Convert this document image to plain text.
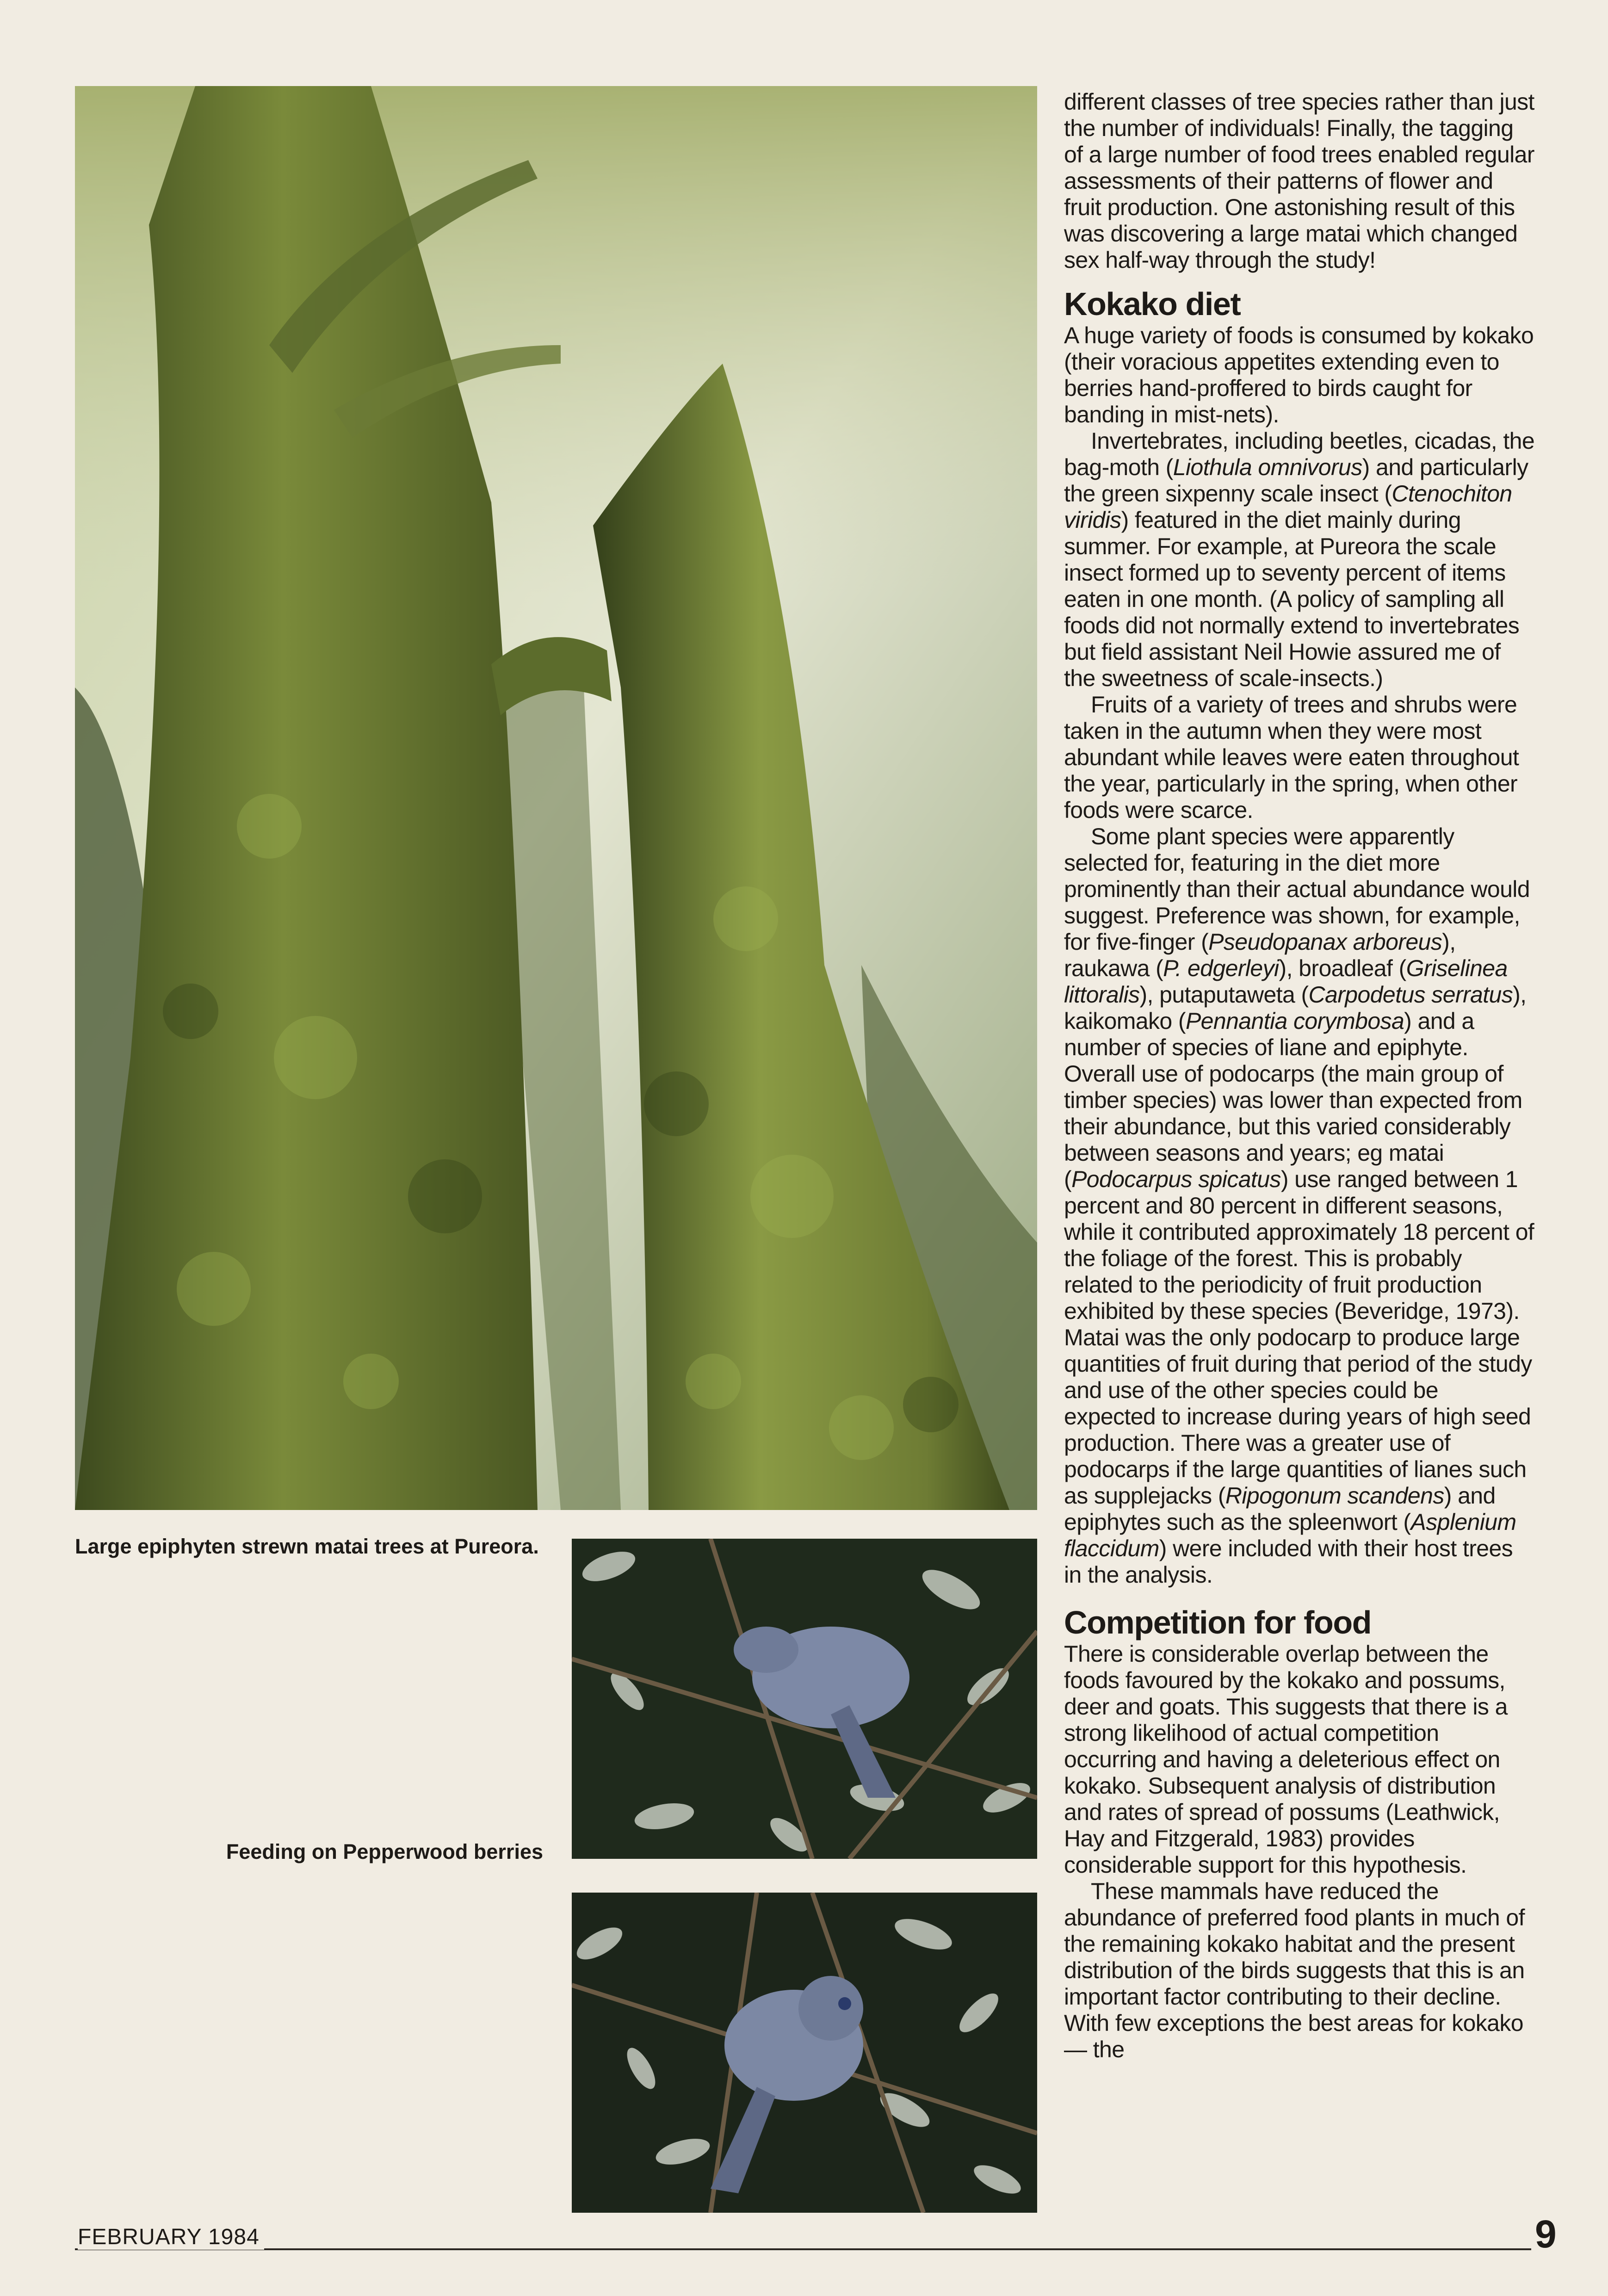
Large epiphyten strewn matai trees at Pureora.
Feeding on Pepperwood berries

different classes of tree species rather than just the number of individuals! Finally, the tagging of a large number of food trees enabled regular assessments of their patterns of flower and fruit production. One astonishing result of this was discovering a large matai which changed sex half-way through the study!

Kokako diet

A huge variety of foods is consumed by kokako (their voracious appetites extending even to berries hand-proffered to birds caught for banding in mist-nets).

Invertebrates, including beetles, cicadas, the bag-moth (Liothula omnivorus) and particularly the green sixpenny scale insect (Ctenochiton viridis) featured in the diet mainly during summer. For example, at Pureora the scale insect formed up to seventy percent of items eaten in one month. (A policy of sampling all foods did not normally extend to invertebrates but field assistant Neil Howie assured me of the sweetness of scale-insects.)

Fruits of a variety of trees and shrubs were taken in the autumn when they were most abundant while leaves were eaten throughout the year, particularly in the spring, when other foods were scarce.

Some plant species were apparently selected for, featuring in the diet more prominently than their actual abundance would suggest. Preference was shown, for example, for five-finger (Pseudopanax arboreus), raukawa (P. edgerleyi), broadleaf (Griselinea littoralis), putaputaweta (Carpodetus serratus), kaikomako (Pennantia corymbosa) and a number of species of liane and epiphyte. Overall use of podocarps (the main group of timber species) was lower than expected from their abundance, but this varied considerably between seasons and years; eg matai (Podocarpus spicatus) use ranged between 1 percent and 80 percent in different seasons, while it contributed approximately 18 percent of the foliage of the forest. This is probably related to the periodicity of fruit production exhibited by these species (Beveridge, 1973). Matai was the only podocarp to produce large quantities of fruit during that period of the study and use of the other species could be expected to increase during years of high seed production. There was a greater use of podocarps if the large quantities of lianes such as supplejacks (Ripogonum scandens) and epiphytes such as the spleenwort (Asplenium flaccidum) were included with their host trees in the analysis.

Competition for food

There is considerable overlap between the foods favoured by the kokako and possums, deer and goats. This suggests that there is a strong likelihood of actual competition occurring and having a deleterious effect on kokako. Subsequent analysis of distribution and rates of spread of possums (Leathwick, Hay and Fitzgerald, 1983) provides considerable support for this hypothesis.

These mammals have reduced the abundance of preferred food plants in much of the remaining kokako habitat and the present distribution of the birds suggests that this is an important factor contributing to their decline. With few exceptions the best areas for kokako — the

FEBRUARY 1984	9
